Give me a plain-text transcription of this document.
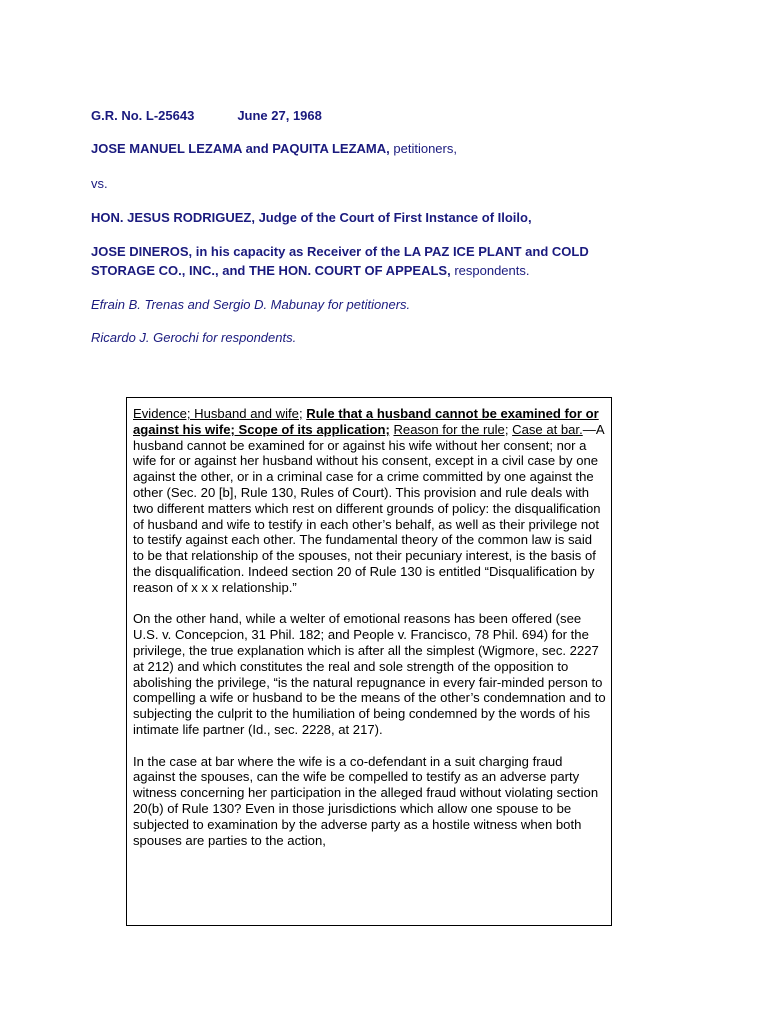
G.R. No. L-25643	June 27, 1968
JOSE MANUEL LEZAMA and PAQUITA LEZAMA, petitioners,
vs.
HON. JESUS RODRIGUEZ, Judge of the Court of First Instance of Iloilo,
JOSE DINEROS, in his capacity as Receiver of the LA PAZ ICE PLANT and COLD
STORAGE CO., INC., and THE HON. COURT OF APPEALS, respondents.
Efrain B. Trenas and Sergio D. Mabunay for petitioners.
Ricardo J. Gerochi for respondents.

Evidence; Husband and wife; Rule that a husband cannot be examined for or against his wife; Scope of its application; Reason for the rule; Case at bar.—A husband cannot be examined for or against his wife without her consent; nor a wife for or against her husband without his consent, except in a civil case by one against the other, or in a criminal case for a crime committed by one against the other (Sec. 20 [b], Rule 130, Rules of Court). This provision and rule deals with two different matters which rest on different grounds of policy: the disqualification of husband and wife to testify in each other’s behalf, as well as their privilege not to testify against each other. The fundamental theory of the common law is said to be that relationship of the spouses, not their pecuniary interest, is the basis of the disqualification. Indeed section 20 of Rule 130 is entitled “Disqualification by reason of x x x relationship.”

On the other hand, while a welter of emotional reasons has been offered (see U.S. v. Concepcion, 31 Phil. 182; and People v. Francisco, 78 Phil. 694) for the privilege, the true explanation which is after all the simplest (Wigmore, sec. 2227 at 212) and which constitutes the real and sole strength of the opposition to abolishing the privilege, “is the natural repugnance in every fair-minded person to compelling a wife or husband to be the means of the other’s condemnation and to subjecting the culprit to the humiliation of being condemned by the words of his intimate life partner (Id., sec. 2228, at 217).

In the case at bar where the wife is a co-defendant in a suit charging fraud against the spouses, can the wife be compelled to testify as an adverse party witness concerning her participation in the alleged fraud without violating section 20(b) of Rule 130? Even in those jurisdictions which allow one spouse to be subjected to examination by the adverse party as a hostile witness when both spouses are parties to the action,
